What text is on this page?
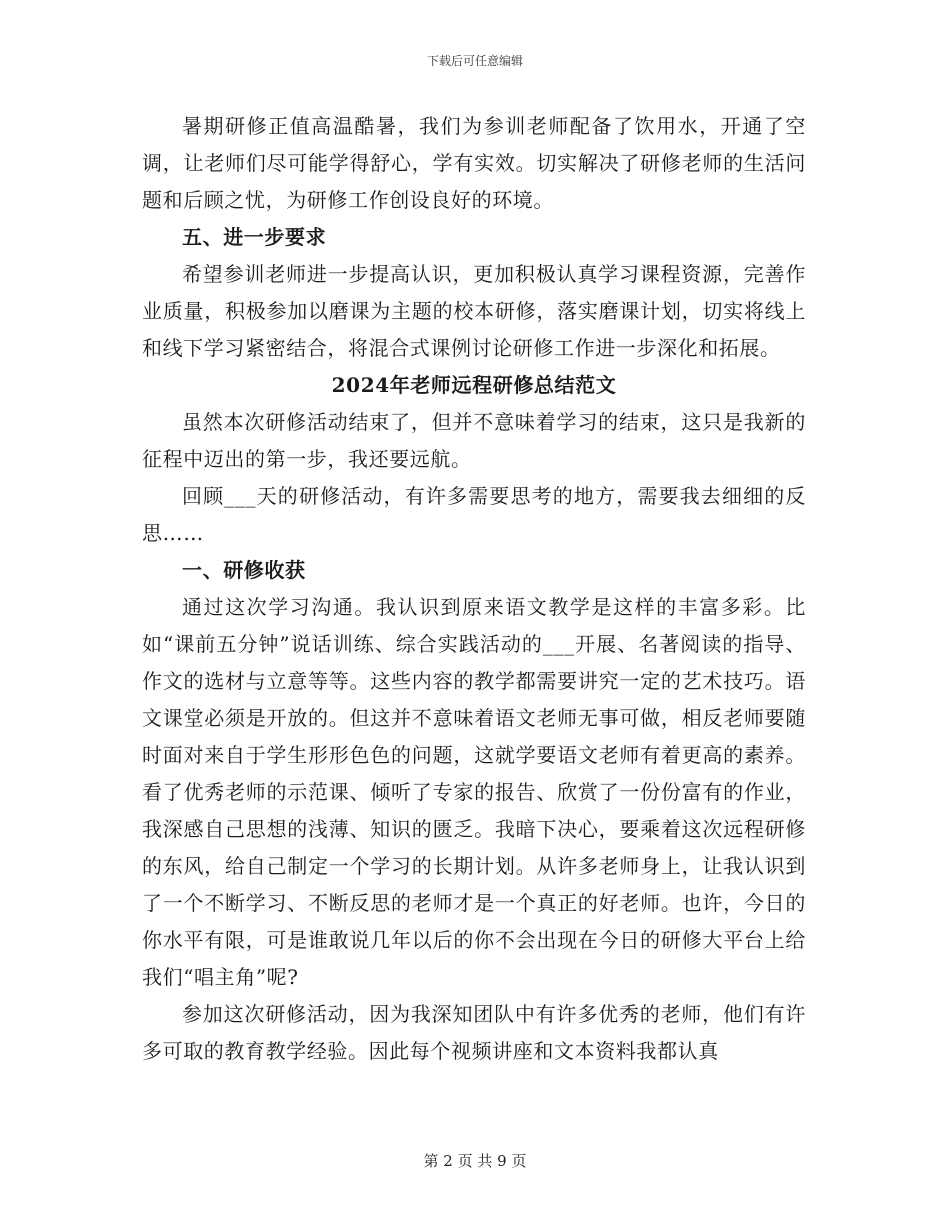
下载后可任意编辑

暑期研修正值高温酷暑，我们为参训老师配备了饮用水，开通了空调，让老师们尽可能学得舒心，学有实效。切实解决了研修老师的生活问题和后顾之忧，为研修工作创设良好的环境。

五、进一步要求

希望参训老师进一步提高认识，更加积极认真学习课程资源，完善作业质量，积极参加以磨课为主题的校本研修，落实磨课计划，切实将线上和线下学习紧密结合，将混合式课例讨论研修工作进一步深化和拓展。

2024年老师远程研修总结范文

虽然本次研修活动结束了，但并不意味着学习的结束，这只是我新的征程中迈出的第一步，我还要远航。

回顾___天的研修活动，有许多需要思考的地方，需要我去细细的反思……

一、研修收获

通过这次学习沟通。我认识到原来语文教学是这样的丰富多彩。比如“课前五分钟”说话训练、综合实践活动的___开展、名著阅读的指导、作文的选材与立意等等。这些内容的教学都需要讲究一定的艺术技巧。语文课堂必须是开放的。但这并不意味着语文老师无事可做，相反老师要随时面对来自于学生形形色色的问题，这就学要语文老师有着更高的素养。看了优秀老师的示范课、倾听了专家的报告、欣赏了一份份富有的作业，我深感自己思想的浅薄、知识的匮乏。我暗下决心，要乘着这次远程研修的东风，给自己制定一个学习的长期计划。从许多老师身上，让我认识到了一个不断学习、不断反思的老师才是一个真正的好老师。也许，今日的你水平有限，可是谁敢说几年以后的你不会出现在今日的研修大平台上给我们“唱主角”呢?

参加这次研修活动，因为我深知团队中有许多优秀的老师，他们有许多可取的教育教学经验。因此每个视频讲座和文本资料我都认真

第 2 页 共 9 页
